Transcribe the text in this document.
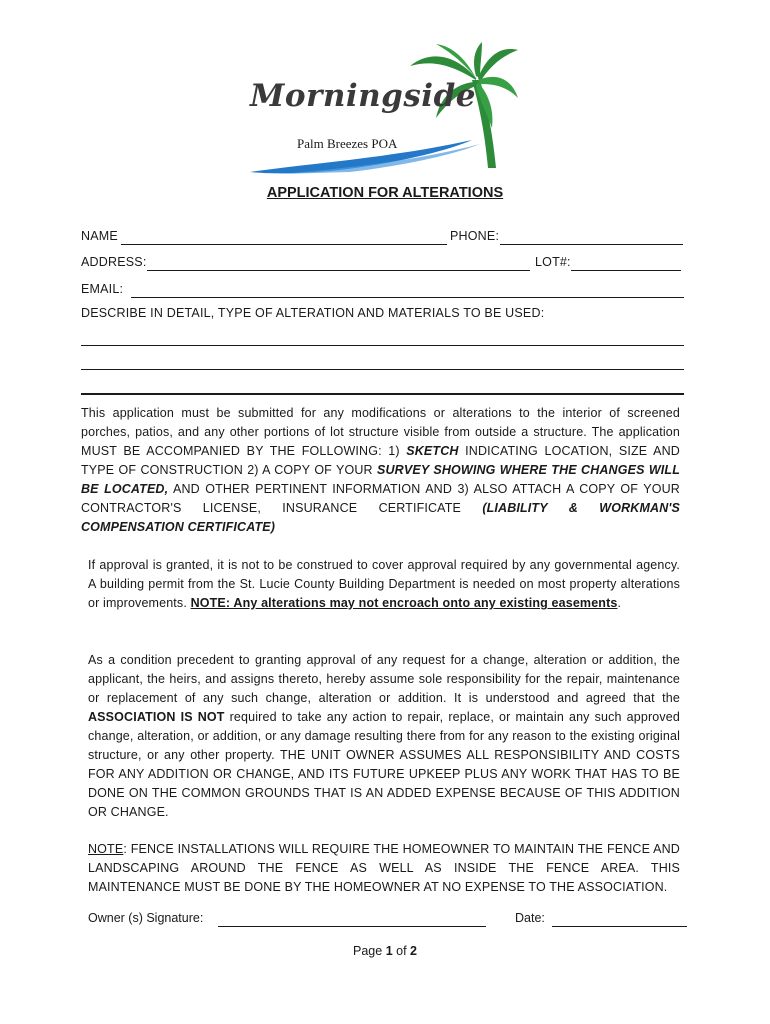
Morningside
Palm Breezes POA
APPLICATION FOR ALTERATIONS
NAME	PHONE:
ADDRESS:	LOT#:
EMAIL:
DESCRIBE IN DETAIL, TYPE OF ALTERATION AND MATERIALS TO BE USED:
This application must be submitted for any modifications or alterations to the interior of screened porches, patios, and any other portions of lot structure visible from outside a structure. The application MUST BE ACCOMPANIED BY THE FOLLOWING: 1) SKETCH INDICATING LOCATION, SIZE AND TYPE OF CONSTRUCTION 2) A COPY OF YOUR SURVEY SHOWING WHERE THE CHANGES WILL BE LOCATED, AND OTHER PERTINENT INFORMATION AND 3) ALSO ATTACH A COPY OF YOUR CONTRACTOR'S LICENSE, INSURANCE CERTIFICATE (LIABILITY & WORKMAN'S COMPENSATION CERTIFICATE)
If approval is granted, it is not to be construed to cover approval required by any governmental agency. A building permit from the St. Lucie County Building Department is needed on most property alterations or improvements. NOTE: Any alterations may not encroach onto any existing easements.
As a condition precedent to granting approval of any request for a change, alteration or addition, the applicant, the heirs, and assigns thereto, hereby assume sole responsibility for the repair, maintenance or replacement of any such change, alteration or addition. It is understood and agreed that the ASSOCIATION IS NOT required to take any action to repair, replace, or maintain any such approved change, alteration, or addition, or any damage resulting there from for any reason to the existing original structure, or any other property. THE UNIT OWNER ASSUMES ALL RESPONSIBILITY AND COSTS FOR ANY ADDITION OR CHANGE, AND ITS FUTURE UPKEEP PLUS ANY WORK THAT HAS TO BE DONE ON THE COMMON GROUNDS THAT IS AN ADDED EXPENSE BECAUSE OF THIS ADDITION OR CHANGE.
NOTE: FENCE INSTALLATIONS WILL REQUIRE THE HOMEOWNER TO MAINTAIN THE FENCE AND LANDSCAPING AROUND THE FENCE AS WELL AS INSIDE THE FENCE AREA. THIS MAINTENANCE MUST BE DONE BY THE HOMEOWNER AT NO EXPENSE TO THE ASSOCIATION.
Owner (s) Signature:	Date:
Page 1 of 2
